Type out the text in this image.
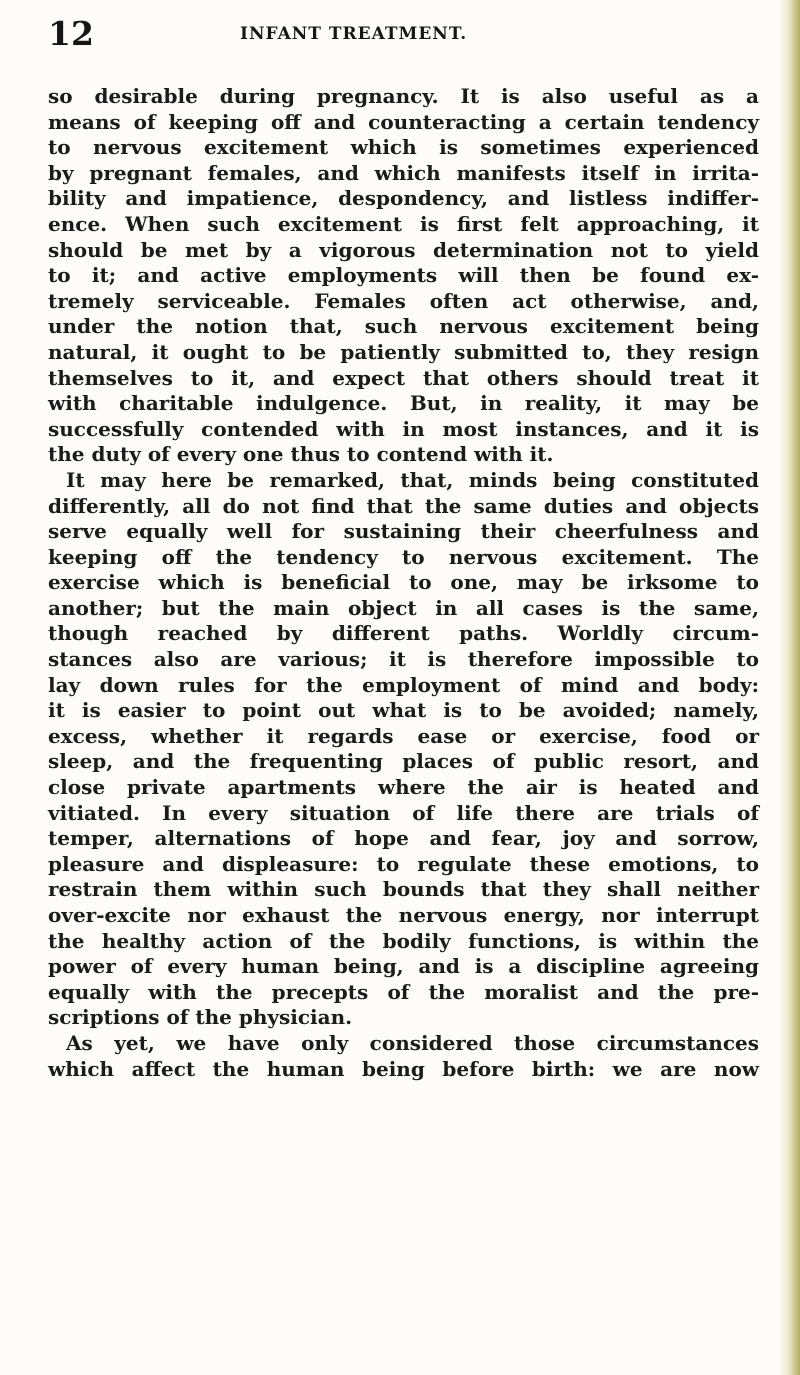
12	INFANT TREATMENT.
so desirable during pregnancy. It is also useful as a
means of keeping off and counteracting a certain tendency
to nervous excitement which is sometimes experienced
by pregnant females, and which manifests itself in irrita-
bility and impatience, despondency, and listless indiffer-
ence. When such excitement is first felt approaching, it
should be met by a vigorous determination not to yield
to it; and active employments will then be found ex-
tremely serviceable. Females often act otherwise, and,
under the notion that, such nervous excitement being
natural, it ought to be patiently submitted to, they resign
themselves to it, and expect that others should treat it
with charitable indulgence. But, in reality, it may be
successfully contended with in most instances, and it is
the duty of every one thus to contend with it.
It may here be remarked, that, minds being constituted
differently, all do not find that the same duties and objects
serve equally well for sustaining their cheerfulness and
keeping off the tendency to nervous excitement. The
exercise which is beneficial to one, may be irksome to
another; but the main object in all cases is the same,
though reached by different paths. Worldly circum-
stances also are various; it is therefore impossible to
lay down rules for the employment of mind and body:
it is easier to point out what is to be avoided; namely,
excess, whether it regards ease or exercise, food or
sleep, and the frequenting places of public resort, and
close private apartments where the air is heated and
vitiated. In every situation of life there are trials of
temper, alternations of hope and fear, joy and sorrow,
pleasure and displeasure: to regulate these emotions, to
restrain them within such bounds that they shall neither
over-excite nor exhaust the nervous energy, nor interrupt
the healthy action of the bodily functions, is within the
power of every human being, and is a discipline agreeing
equally with the precepts of the moralist and the pre-
scriptions of the physician.
As yet, we have only considered those circumstances
which affect the human being before birth: we are now
